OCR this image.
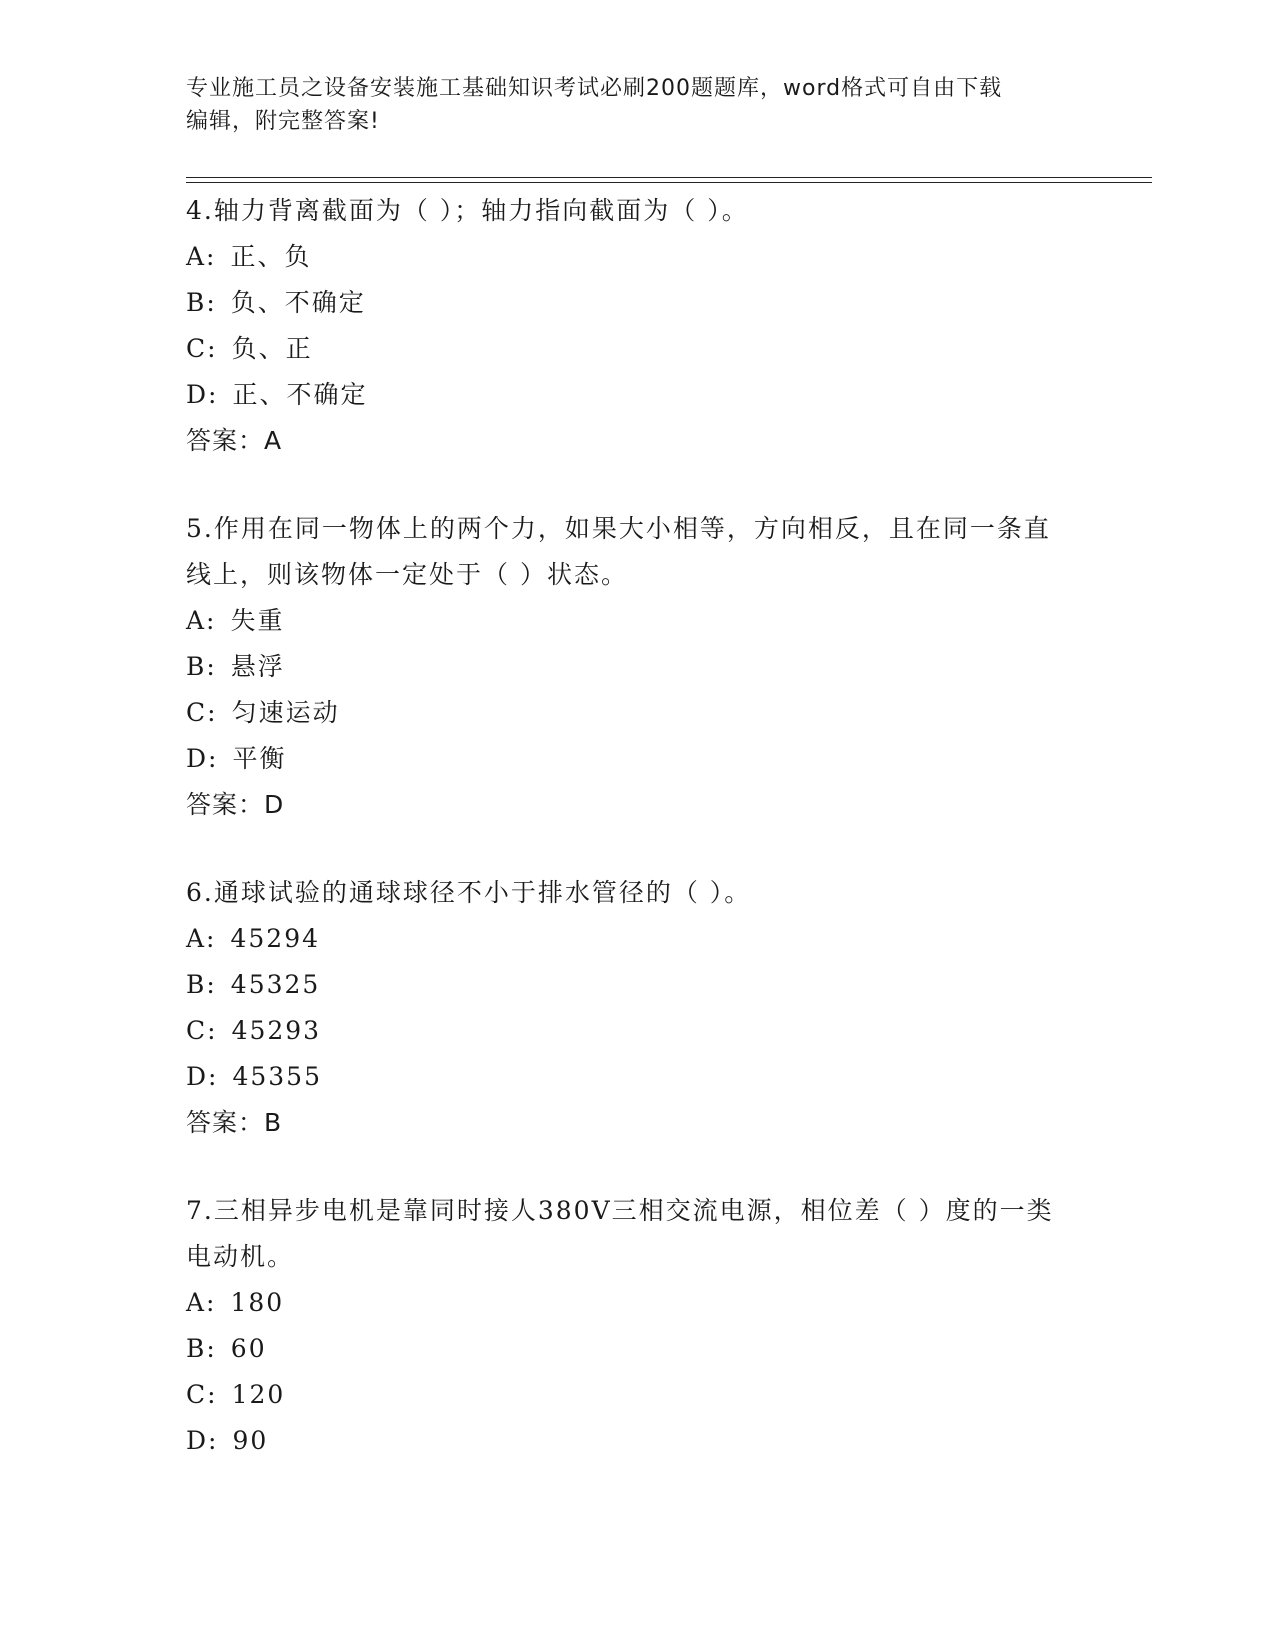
专业施工员之设备安装施工基础知识考试必刷200题题库，word格式可自由下载
编辑，附完整答案!

4.轴力背离截面为（ ）；轴力指向截面为（ ）。

A: 正、负

B: 负、不确定

C: 负、正

D: 正、不确定

答案：A

5.作用在同一物体上的两个力，如果大小相等，方向相反，且在同一条直线上，则该物体一定处于（ ）状态。

A: 失重

B: 悬浮

C: 匀速运动

D: 平衡

答案：D

6.通球试验的通球球径不小于排水管径的（ ）。

A: 45294

B: 45325

C: 45293

D: 45355

答案：B

7.三相异步电机是靠同时接人380V三相交流电源，相位差（ ）度的一类电动机。

A: 180

B: 60

C: 120

D: 90
